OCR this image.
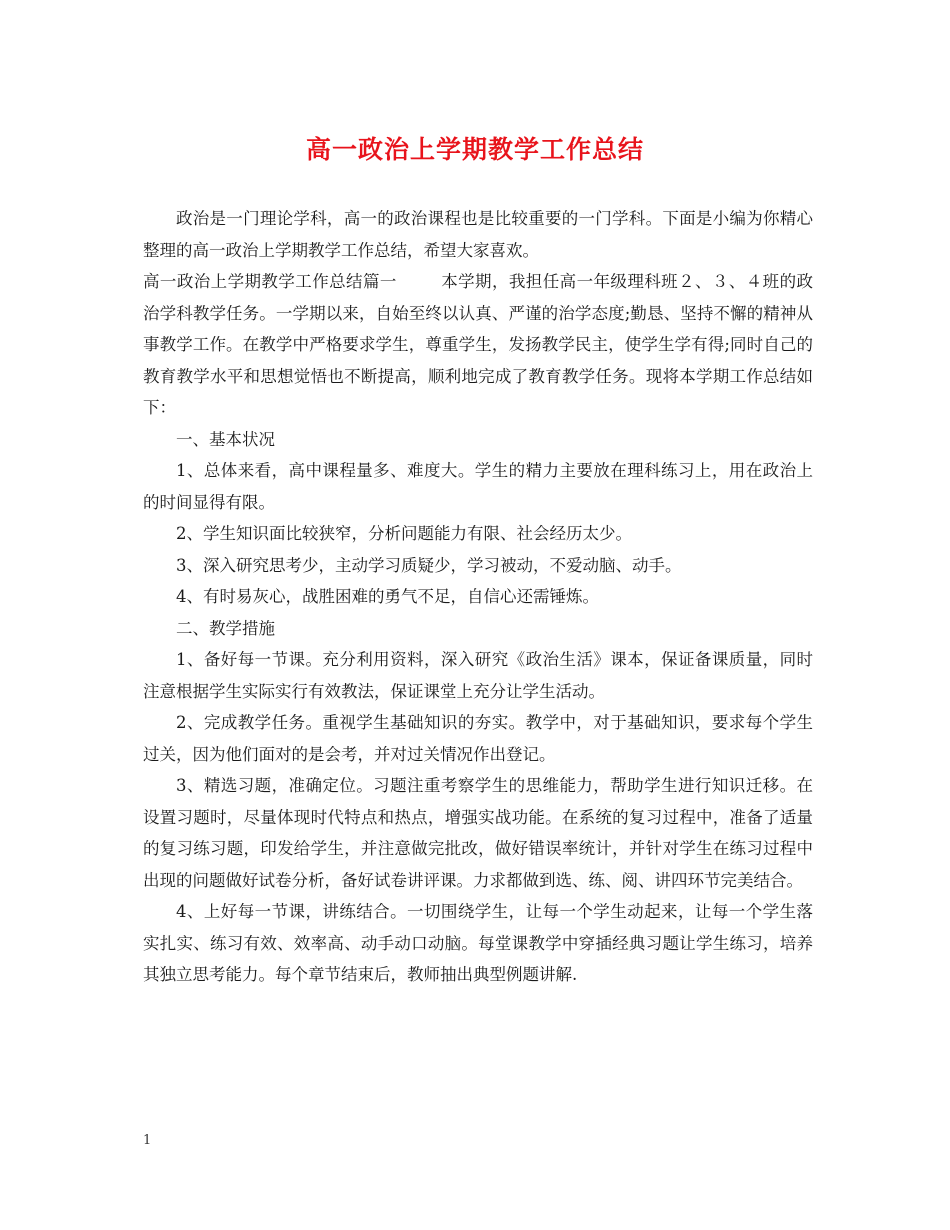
高一政治上学期教学工作总结

政治是一门理论学科，高一的政治课程也是比较重要的一门学科。下面是小编为你精心整理的高一政治上学期教学工作总结，希望大家喜欢。

高一政治上学期教学工作总结篇一	本学期，我担任高一年级理科班２、３、４班的政治学科教学任务。一学期以来，自始至终以认真、严谨的治学态度;勤恳、坚持不懈的精神从事教学工作。在教学中严格要求学生，尊重学生，发扬教学民主，使学生学有得;同时自己的教育教学水平和思想觉悟也不断提高，顺利地完成了教育教学任务。现将本学期工作总结如下：

一、基本状况

1、总体来看，高中课程量多、难度大。学生的精力主要放在理科练习上，用在政治上的时间显得有限。

2、学生知识面比较狭窄，分析问题能力有限、社会经历太少。

3、深入研究思考少，主动学习质疑少，学习被动，不爱动脑、动手。

4、有时易灰心，战胜困难的勇气不足，自信心还需锤炼。

二、教学措施

1、备好每一节课。充分利用资料，深入研究《政治生活》课本，保证备课质量，同时注意根据学生实际实行有效教法，保证课堂上充分让学生活动。

2、完成教学任务。重视学生基础知识的夯实。教学中，对于基础知识，要求每个学生过关，因为他们面对的是会考，并对过关情况作出登记。

3、精选习题，准确定位。习题注重考察学生的思维能力，帮助学生进行知识迁移。在设置习题时，尽量体现时代特点和热点，增强实战功能。在系统的复习过程中，准备了适量的复习练习题，印发给学生，并注意做完批改，做好错误率统计，并针对学生在练习过程中出现的问题做好试卷分析，备好试卷讲评课。力求都做到选、练、阅、讲四环节完美结合。

4、上好每一节课，讲练结合。一切围绕学生，让每一个学生动起来，让每一个学生落实扎实、练习有效、效率高、动手动口动脑。每堂课教学中穿插经典习题让学生练习，培养其独立思考能力。每个章节结束后，教师抽出典型例题讲解.

1
